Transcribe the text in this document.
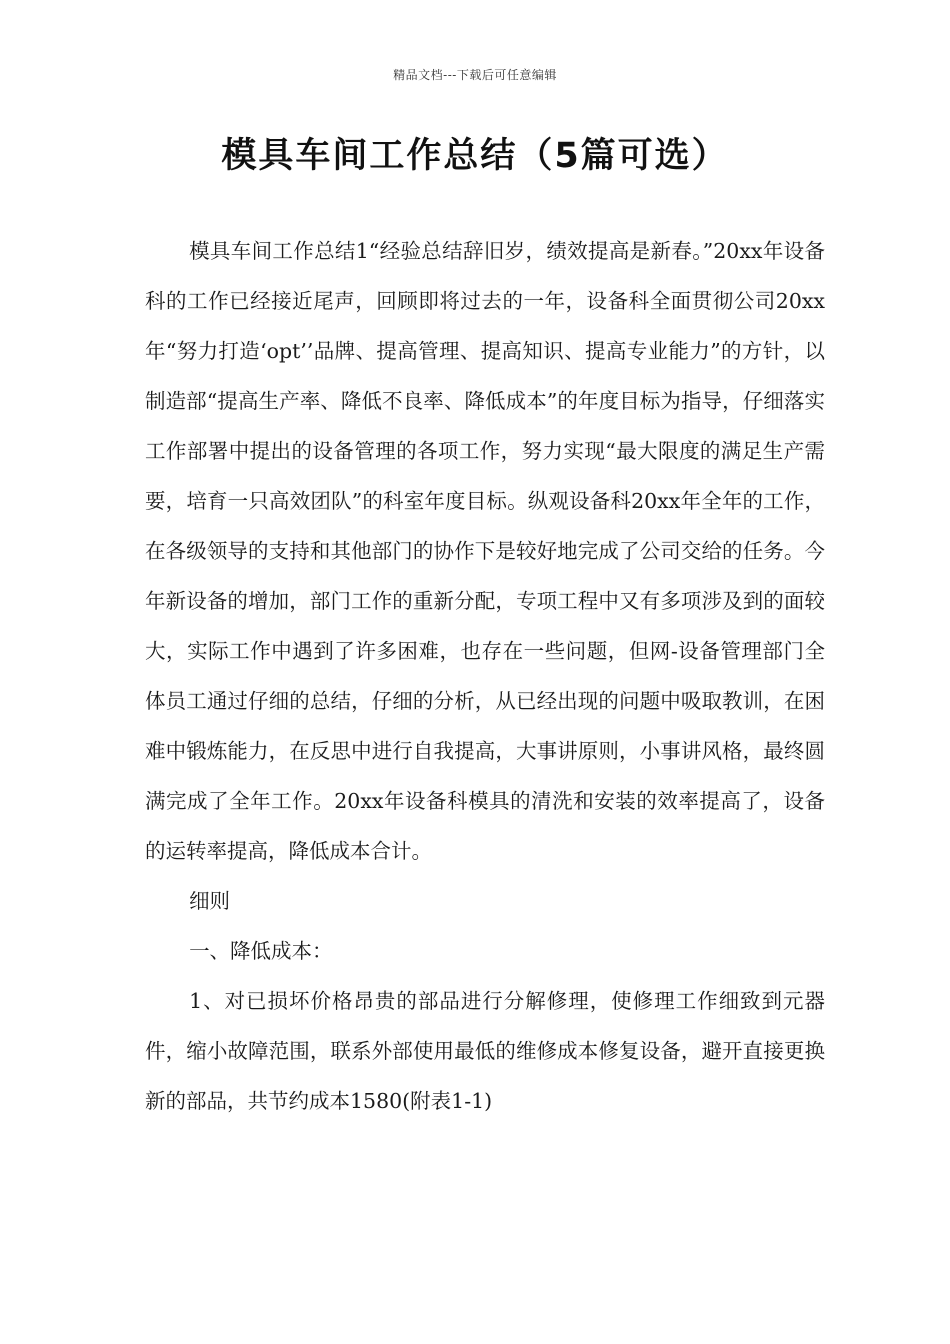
精品文档---下载后可任意编辑
模具车间工作总结（5篇可选）

模具车间工作总结1“经验总结辞旧岁，绩效提高是新春。”20xx年设备科的工作已经接近尾声，回顾即将过去的一年，设备科全面贯彻公司20xx年“努力打造‘opt’’品牌、提高管理、提高知识、提高专业能力”的方针，以制造部“提高生产率、降低不良率、降低成本”的年度目标为指导，仔细落实工作部署中提出的设备管理的各项工作，努力实现“最大限度的满足生产需要，培育一只高效团队”的科室年度目标。纵观设备科20xx年全年的工作，在各级领导的支持和其他部门的协作下是较好地完成了公司交给的任务。今年新设备的增加，部门工作的重新分配，专项工程中又有多项涉及到的面较大，实际工作中遇到了许多困难，也存在一些问题，但网-设备管理部门全体员工通过仔细的总结，仔细的分析，从已经出现的问题中吸取教训，在困难中锻炼能力，在反思中进行自我提高，大事讲原则，小事讲风格，最终圆满完成了全年工作。20xx年设备科模具的清洗和安装的效率提高了，设备的运转率提高，降低成本合计。

细则

一、降低成本：

1、对已损坏价格昂贵的部品进行分解修理，使修理工作细致到元器件，缩小故障范围，联系外部使用最低的维修成本修复设备，避开直接更换新的部品，共节约成本1580(附表1-1)
